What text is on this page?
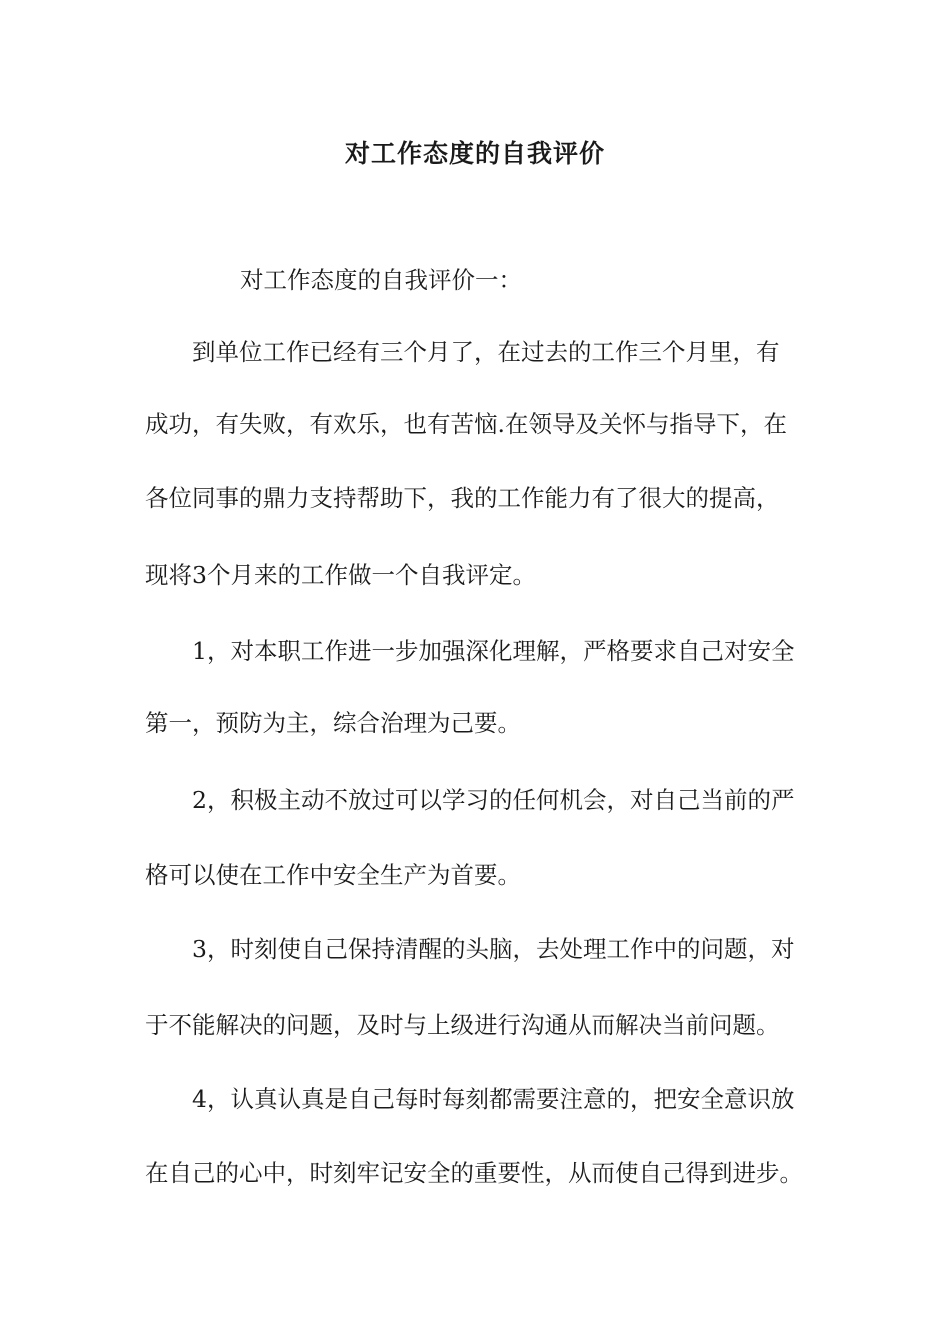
对工作态度的自我评价
对工作态度的自我评价一：
到单位工作已经有三个月了，在过去的工作三个月里，有
成功，有失败，有欢乐，也有苦恼.在领导及关怀与指导下，在
各位同事的鼎力支持帮助下，我的工作能力有了很大的提高，
现将3个月来的工作做一个自我评定。
1，对本职工作进一步加强深化理解，严格要求自己对安全
第一，预防为主，综合治理为己要。
2，积极主动不放过可以学习的任何机会，对自己当前的严
格可以使在工作中安全生产为首要。
3，时刻使自己保持清醒的头脑，去处理工作中的问题，对
于不能解决的问题，及时与上级进行沟通从而解决当前问题。
4，认真认真是自己每时每刻都需要注意的，把安全意识放
在自己的心中，时刻牢记安全的重要性，从而使自己得到进步。
